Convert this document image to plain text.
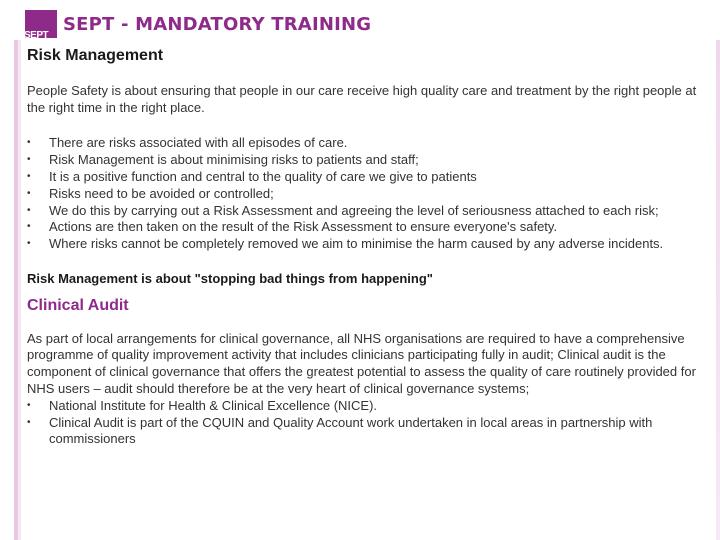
SEPT
SEPT - MANDATORY TRAINING
Risk Management

People Safety is about ensuring that people in our care receive high quality care and treatment by the right people at the right time in the right place.

• There are risks associated with all episodes of care.
• Risk Management is about minimising risks to patients and staff;
• It is a positive function and central to the quality of care we give to patients
• Risks need to be avoided or controlled;
• We do this by carrying out a Risk Assessment and agreeing the level of seriousness attached to each risk;
• Actions are then taken on the result of the Risk Assessment to ensure everyone's safety.
• Where risks cannot be completely removed we aim to minimise the harm caused by any adverse incidents.

Risk Management is about "stopping bad things from happening"

Clinical Audit

As part of local arrangements for clinical governance, all NHS organisations are required to have a comprehensive programme of quality improvement activity that includes clinicians participating fully in audit; Clinical audit is the component of clinical governance that offers the greatest potential to assess the quality of care routinely provided for NHS users – audit should therefore be at the very heart of clinical governance systems;

• National Institute for Health & Clinical Excellence (NICE).
• Clinical Audit is part of the CQUIN and Quality Account work undertaken in local areas in partnership with commissioners
